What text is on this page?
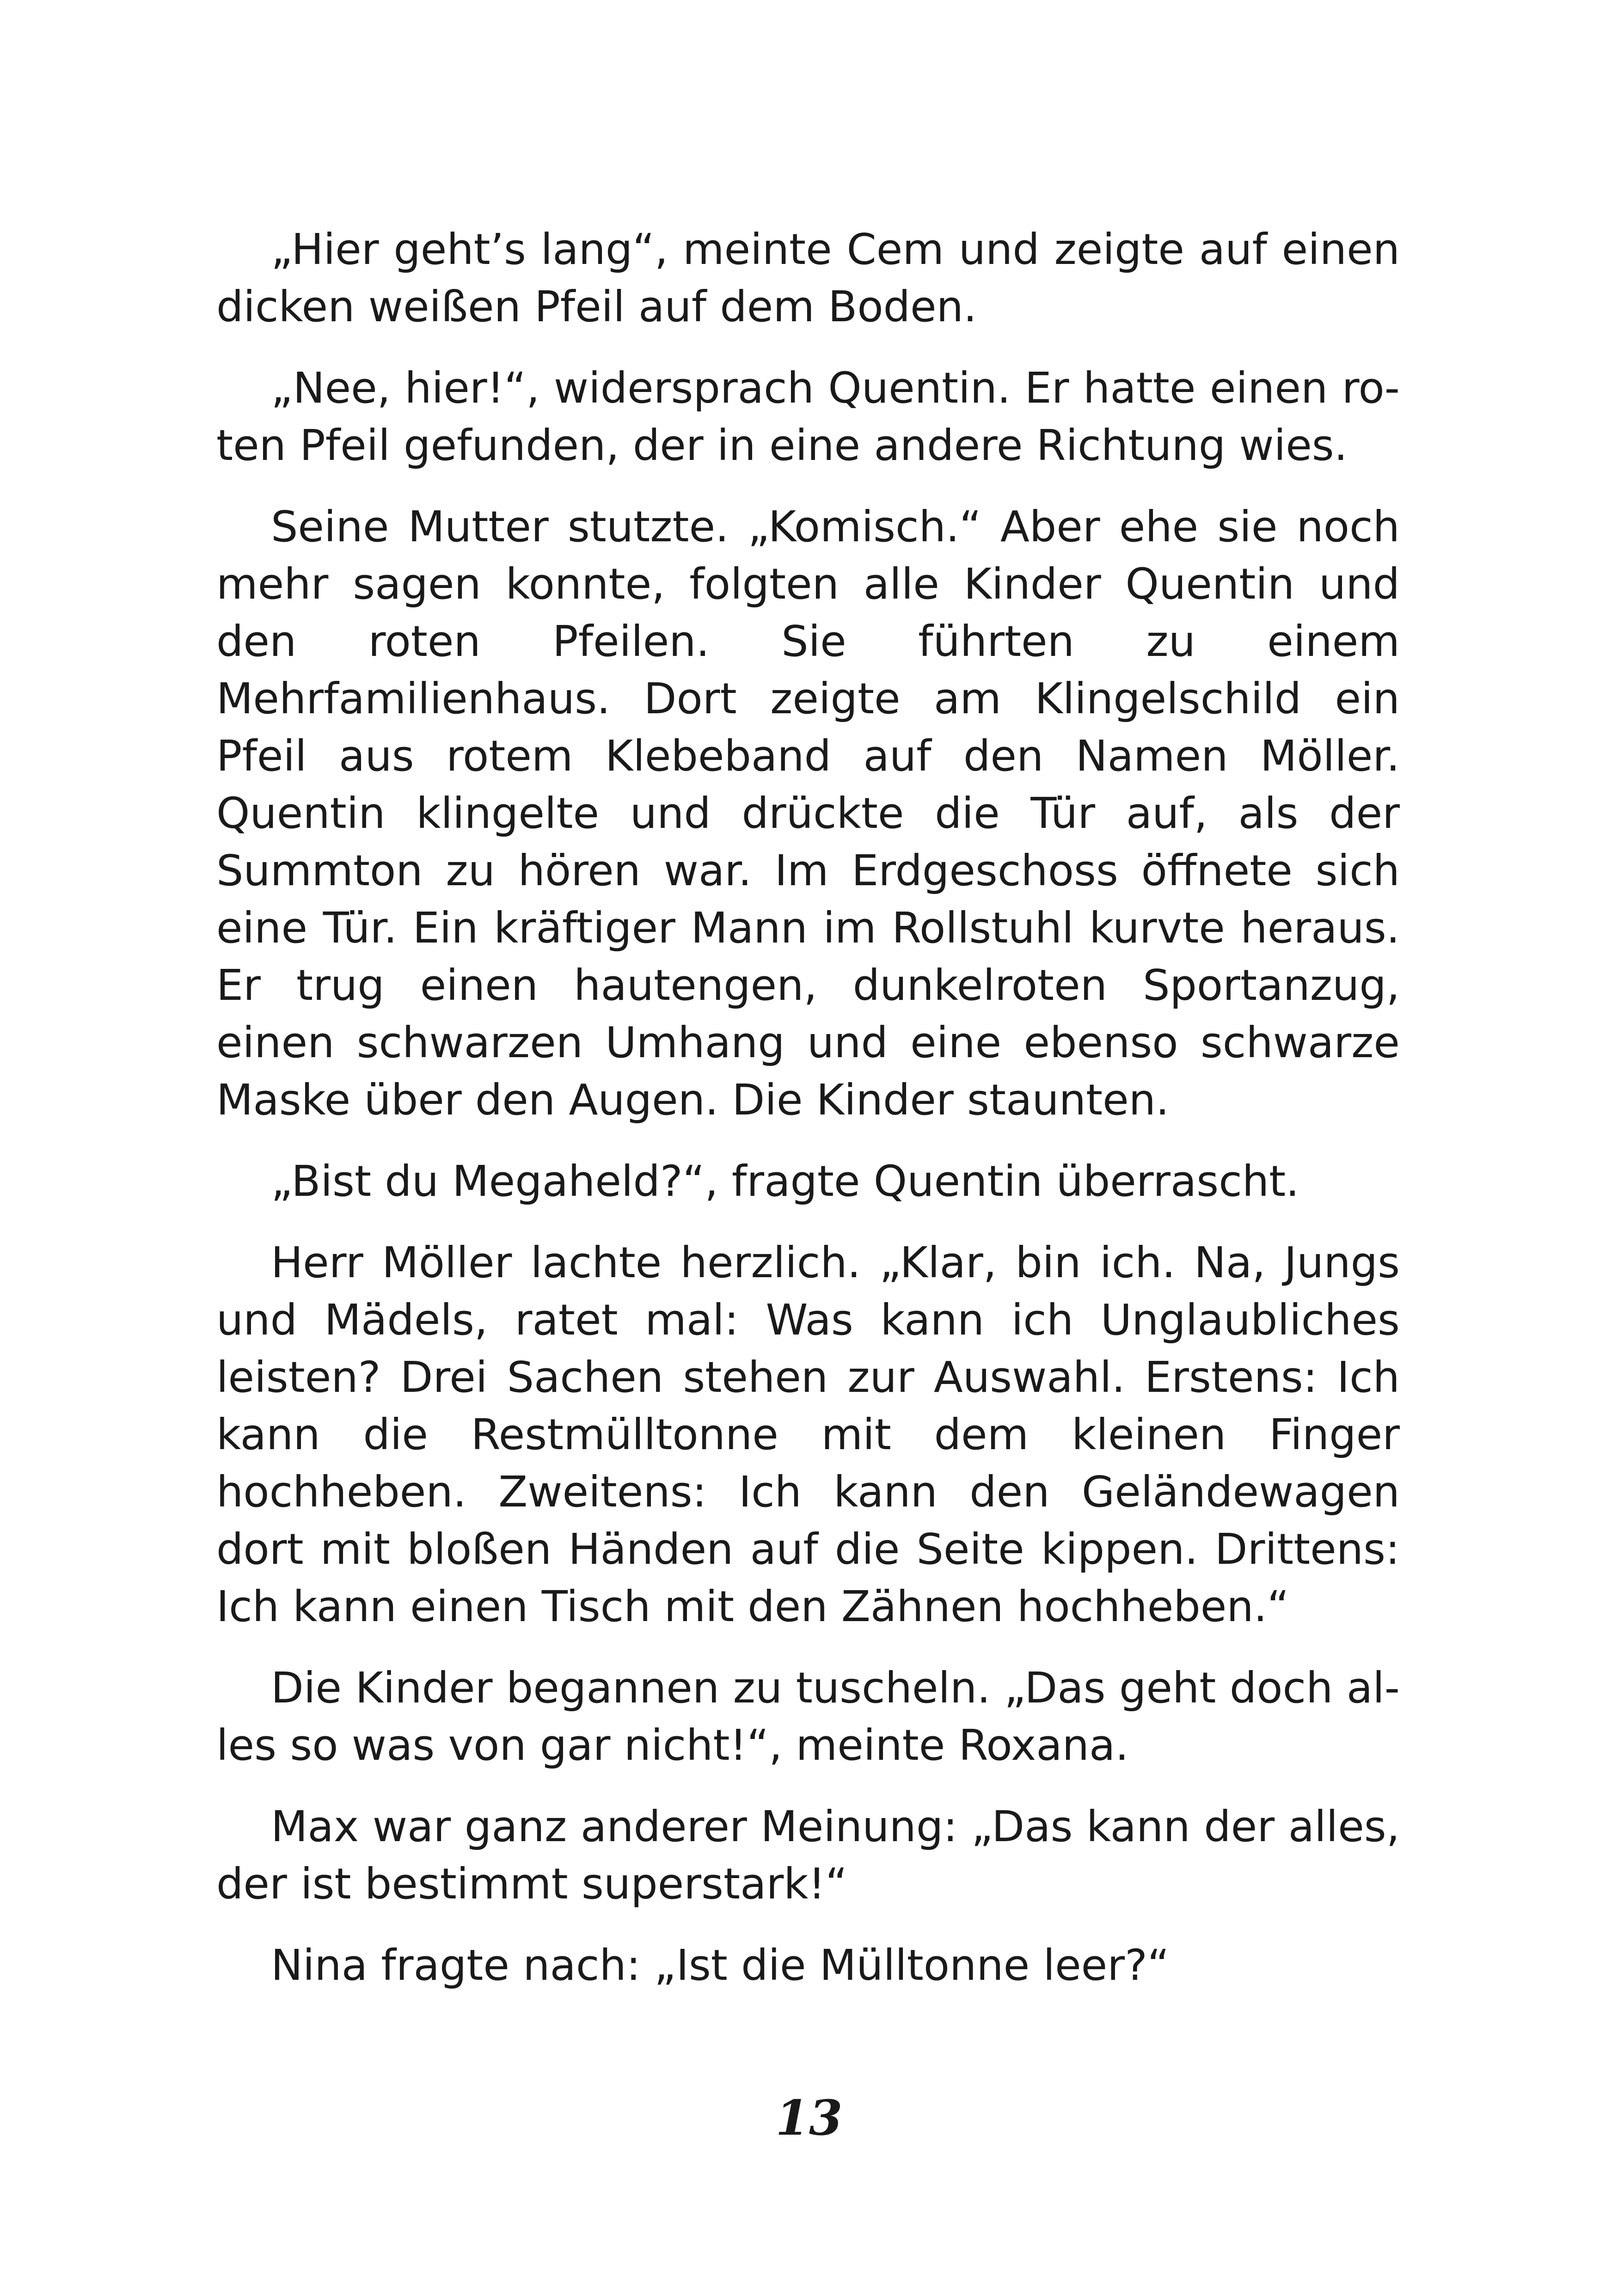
„Hier geht’s lang“, meinte Cem und zeigte auf einen dicken weißen Pfeil auf dem Boden.

„Nee, hier!“, widersprach Quentin. Er hatte einen roten Pfeil gefunden, der in eine andere Richtung wies.

Seine Mutter stutzte. „Komisch.“ Aber ehe sie noch mehr sagen konnte, folgten alle Kinder Quentin und den roten Pfeilen. Sie führten zu einem Mehrfamilienhaus. Dort zeigte am Klingelschild ein Pfeil aus rotem Klebeband auf den Namen Möller. Quentin klingelte und drückte die Tür auf, als der Summton zu hören war. Im Erdgeschoss öffnete sich eine Tür. Ein kräftiger Mann im Rollstuhl kurvte heraus. Er trug einen hautengen, dunkelroten Sportanzug, einen schwarzen Umhang und eine ebenso schwarze Maske über den Augen. Die Kinder staunten.

„Bist du Megaheld?“, fragte Quentin überrascht.

Herr Möller lachte herzlich. „Klar, bin ich. Na, Jungs und Mädels, ratet mal: Was kann ich Unglaubliches leisten? Drei Sachen stehen zur Auswahl. Erstens: Ich kann die Restmülltonne mit dem kleinen Finger hochheben. Zweitens: Ich kann den Geländewagen dort mit bloßen Händen auf die Seite kippen. Drittens: Ich kann einen Tisch mit den Zähnen hochheben.“

Die Kinder begannen zu tuscheln. „Das geht doch alles so was von gar nicht!“, meinte Roxana.

Max war ganz anderer Meinung: „Das kann der alles, der ist bestimmt superstark!“

Nina fragte nach: „Ist die Mülltonne leer?“

13
